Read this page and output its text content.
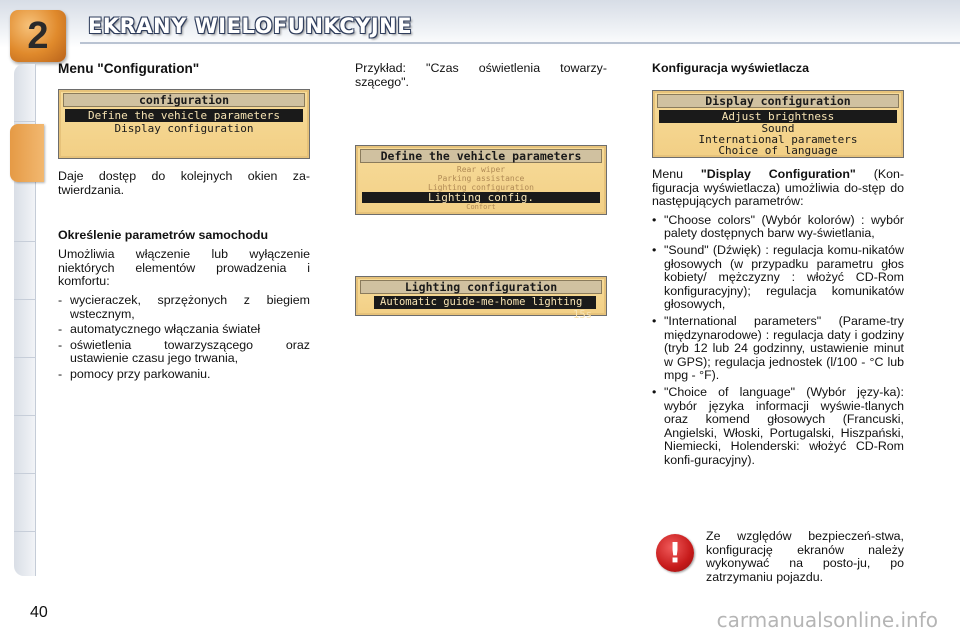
2 EKRANY WIELOFUNKCYJNE
Menu "Configuration"
configuration
Define the vehicle parameters
Display configuration

Daje dostęp do kolejnych okien za-twierdzania.

Określenie parametrów samochodu

Umożliwia włączenie lub wyłączenie niektórych elementów prowadzenia i komfortu:

- wycieraczek, sprzężonych z biegiem wstecznym,
- automatycznego włączania świateł
- oświetlenia towarzyszącego oraz ustawienie czasu jego trwania,
- pomocy przy parkowaniu.

Przykład: "Czas oświetlenia towarzy-szącego".

Define the vehicle parameters
Rear wiper
Parking assistance
Lighting configuration
Lighting config.
Confort
Lighting configuration
Automatic guide-me-home lighting
15s
Konfiguracja wyświetlacza
Display configuration
Adjust brightness
Sound
International parameters
Choice of language

Menu "Display Configuration" (Kon-figuracja wyświetlacza) umożliwia do-stęp do następujących parametrów:

• "Choose colors" (Wybór kolorów) : wybór palety dostępnych barw wy-świetlania,
• "Sound" (Dźwięk) : regulacja komu-nikatów głosowych (w przypadku parametru głos kobiety/ mężczyzny : włożyć CD-Rom konfiguracyjny); regulacja komunikatów głosowych,
• "International parameters" (Parame-try międzynarodowe) : regulacja daty i godziny (tryb 12 lub 24 godzinny, ustawienie minut w GPS); regulacja jednostek (l/100 - °C lub mpg - °F).
• "Choice of language" (Wybór języ-ka): wybór języka informacji wyświe-tlanych oraz komend głosowych (Francuski, Angielski, Włoski, Portugalski, Hiszpański, Niemiecki, Holenderski: włożyć CD-Rom konfi-guracyjny).
!	Ze względów bezpieczeń-stwa, konfigurację ekranów należy wykonywać na posto-ju, po zatrzymaniu pojazdu.

40	carmanualsonline.info
